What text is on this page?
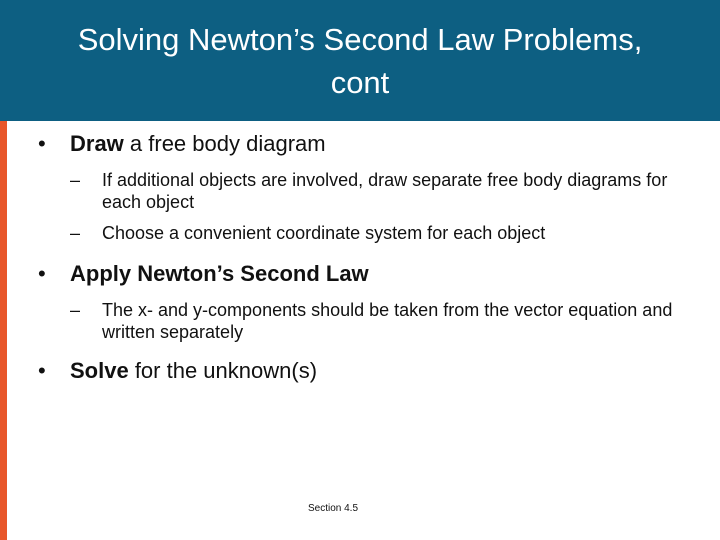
Solving Newton’s Second Law Problems,
cont
• Draw a free body diagram
– If additional objects are involved, draw separate free body diagrams for each object
– Choose a convenient coordinate system for each object
• Apply Newton’s Second Law
– The x- and y-components should be taken from the vector equation and written separately
• Solve for the unknown(s)
Section 4.5
